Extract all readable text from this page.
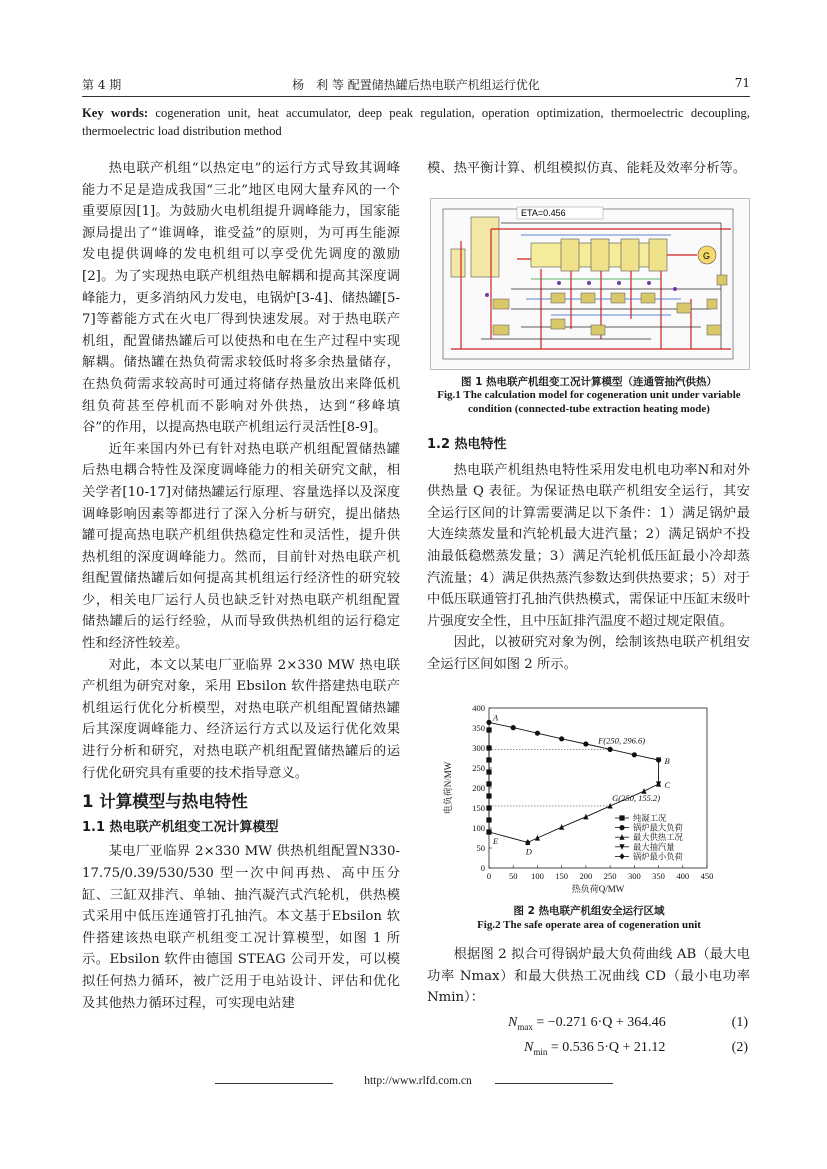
第 4 期	杨　利 等 配置储热罐后热电联产机组运行优化	71
Key words: cogeneration unit, heat accumulator, deep peak regulation, operation optimization, thermoelectric decoupling, thermoelectric load distribution method

热电联产机组“以热定电”的运行方式导致其调峰能力不足是造成我国“三北”地区电网大量弃风的一个重要原因[1]。为鼓励火电机组提升调峰能力，国家能源局提出了“谁调峰，谁受益”的原则，为可再生能源发电提供调峰的发电机组可以享受优先调度的激励[2]。为了实现热电联产机组热电解耦和提高其深度调峰能力，更多消纳风力发电，电锅炉[3-4]、储热罐[5-7]等蓄能方式在火电厂得到快速发展。对于热电联产机组，配置储热罐后可以使热和电在生产过程中实现解耦。储热罐在热负荷需求较低时将多余热量储存，在热负荷需求较高时可通过将储存热量放出来降低机组负荷甚至停机而不影响对外供热，达到“移峰填谷”的作用，以提高热电联产机组运行灵活性[8-9]。

近年来国内外已有针对热电联产机组配置储热罐后热电耦合特性及深度调峰能力的相关研究文献，相关学者[10-17]对储热罐运行原理、容量选择以及深度调峰影响因素等都进行了深入分析与研究，提出储热罐可提高热电联产机组供热稳定性和灵活性，提升供热机组的深度调峰能力。然而，目前针对热电联产机组配置储热罐后如何提高其机组运行经济性的研究较少，相关电厂运行人员也缺乏针对热电联产机组配置储热罐后的运行经验，从而导致供热机组的运行稳定性和经济性较差。

对此，本文以某电厂亚临界 2×330 MW 热电联产机组为研究对象，采用 Ebsilon 软件搭建热电联产机组运行优化分析模型，对热电联产机组配置储热罐后其深度调峰能力、经济运行方式以及运行优化效果进行分析和研究，对热电联产机组配置储热罐后的运行优化研究具有重要的技术指导意义。

1 计算模型与热电特性
1.1 热电联产机组变工况计算模型

某电厂亚临界 2×330 MW 供热机组配置N330-17.75/0.39/530/530 型一次中间再热、高中压分缸、三缸双排汽、单轴、抽汽凝汽式汽轮机，供热模式采用中低压连通管打孔抽汽。本文基于Ebsilon 软件搭建该热电联产机组变工况计算模型，如图 1 所示。Ebsilon 软件由德国 STEAG 公司开发，可以模拟任何热力循环，被广泛用于电站设计、评估和优化及其他热力循环过程，可实现电站建

模、热平衡计算、机组模拟仿真、能耗及效率分析等。

G
ETA=0.456
图 1 热电联产机组变工况计算模型（连通管抽汽供热）
Fig.1 The calculation model for cogeneration unit under variable condition (connected-tube extraction heating mode)
1.2 热电特性

热电联产机组热电特性采用发电机电功率N和对外供热量 Q 表征。为保证热电联产机组安全运行，其安全运行区间的计算需要满足以下条件：1）满足锅炉最大连续蒸发量和汽轮机最大进汽量；2）满足锅炉不投油最低稳燃蒸发量；3）满足汽轮机低压缸最小冷却蒸汽流量；4）满足供热蒸汽参数达到供热要求；5）对于中低压联通管打孔抽汽供热模式，需保证中压缸末级叶片强度安全性，且中压缸排汽温度不超过规定限值。

因此，以被研究对象为例，绘制该热电联产机组安全运行区间如图 2 所示。

0 50 100 150 200 250 300 350 400 450
0
50
100
150
200
250
300
350
400
热负荷Q/MW
电负荷N/MW
A
F(250, 296.6)
B
C
G(250, 155.2)
E
D
纯凝工况
锅炉最大负荷
最大供热工况
最大抽汽量
锅炉最小负荷
图 2 热电联产机组安全运行区域
Fig.2 The safe operate area of cogeneration unit

根据图 2 拟合可得锅炉最大负荷曲线 AB（最大电功率 Nmax）和最大供热工况曲线 CD（最小电功率 Nmin）：

$N_{max} = -0.271$ 6·Q + 364.46	(1)
$N_{min} = 0.536$ 5·Q + 21.12	(2)
http://www.rlfd.com.cn
